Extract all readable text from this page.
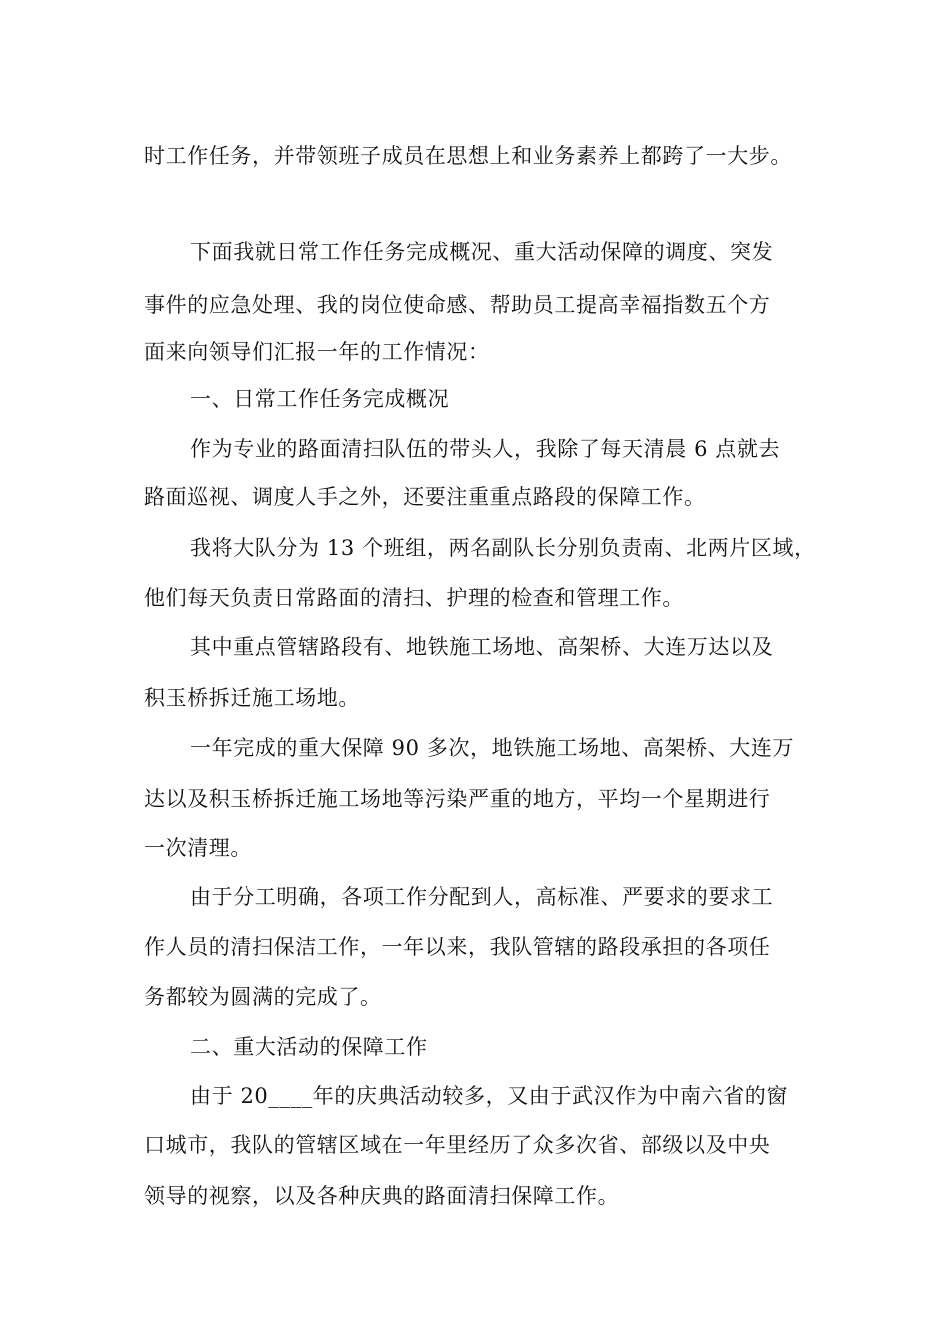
时工作任务，并带领班子成员在思想上和业务素养上都跨了一大步。

下面我就日常工作任务完成概况、重大活动保障的调度、突发

事件的应急处理、我的岗位使命感、帮助员工提高幸福指数五个方

面来向领导们汇报一年的工作情况：

一、日常工作任务完成概况

作为专业的路面清扫队伍的带头人，我除了每天清晨 6 点就去

路面巡视、调度人手之外，还要注重重点路段的保障工作。

我将大队分为 13 个班组，两名副队长分别负责南、北两片区域，

他们每天负责日常路面的清扫、护理的检查和管理工作。

其中重点管辖路段有、地铁施工场地、高架桥、大连万达以及

积玉桥拆迁施工场地。

一年完成的重大保障 90 多次，地铁施工场地、高架桥、大连万

达以及积玉桥拆迁施工场地等污染严重的地方，平均一个星期进行

一次清理。

由于分工明确，各项工作分配到人，高标准、严要求的要求工

作人员的清扫保洁工作，一年以来，我队管辖的路段承担的各项任

务都较为圆满的完成了。

二、重大活动的保障工作

由于 20____年的庆典活动较多，又由于武汉作为中南六省的窗

口城市，我队的管辖区域在一年里经历了众多次省、部级以及中央

领导的视察，以及各种庆典的路面清扫保障工作。
